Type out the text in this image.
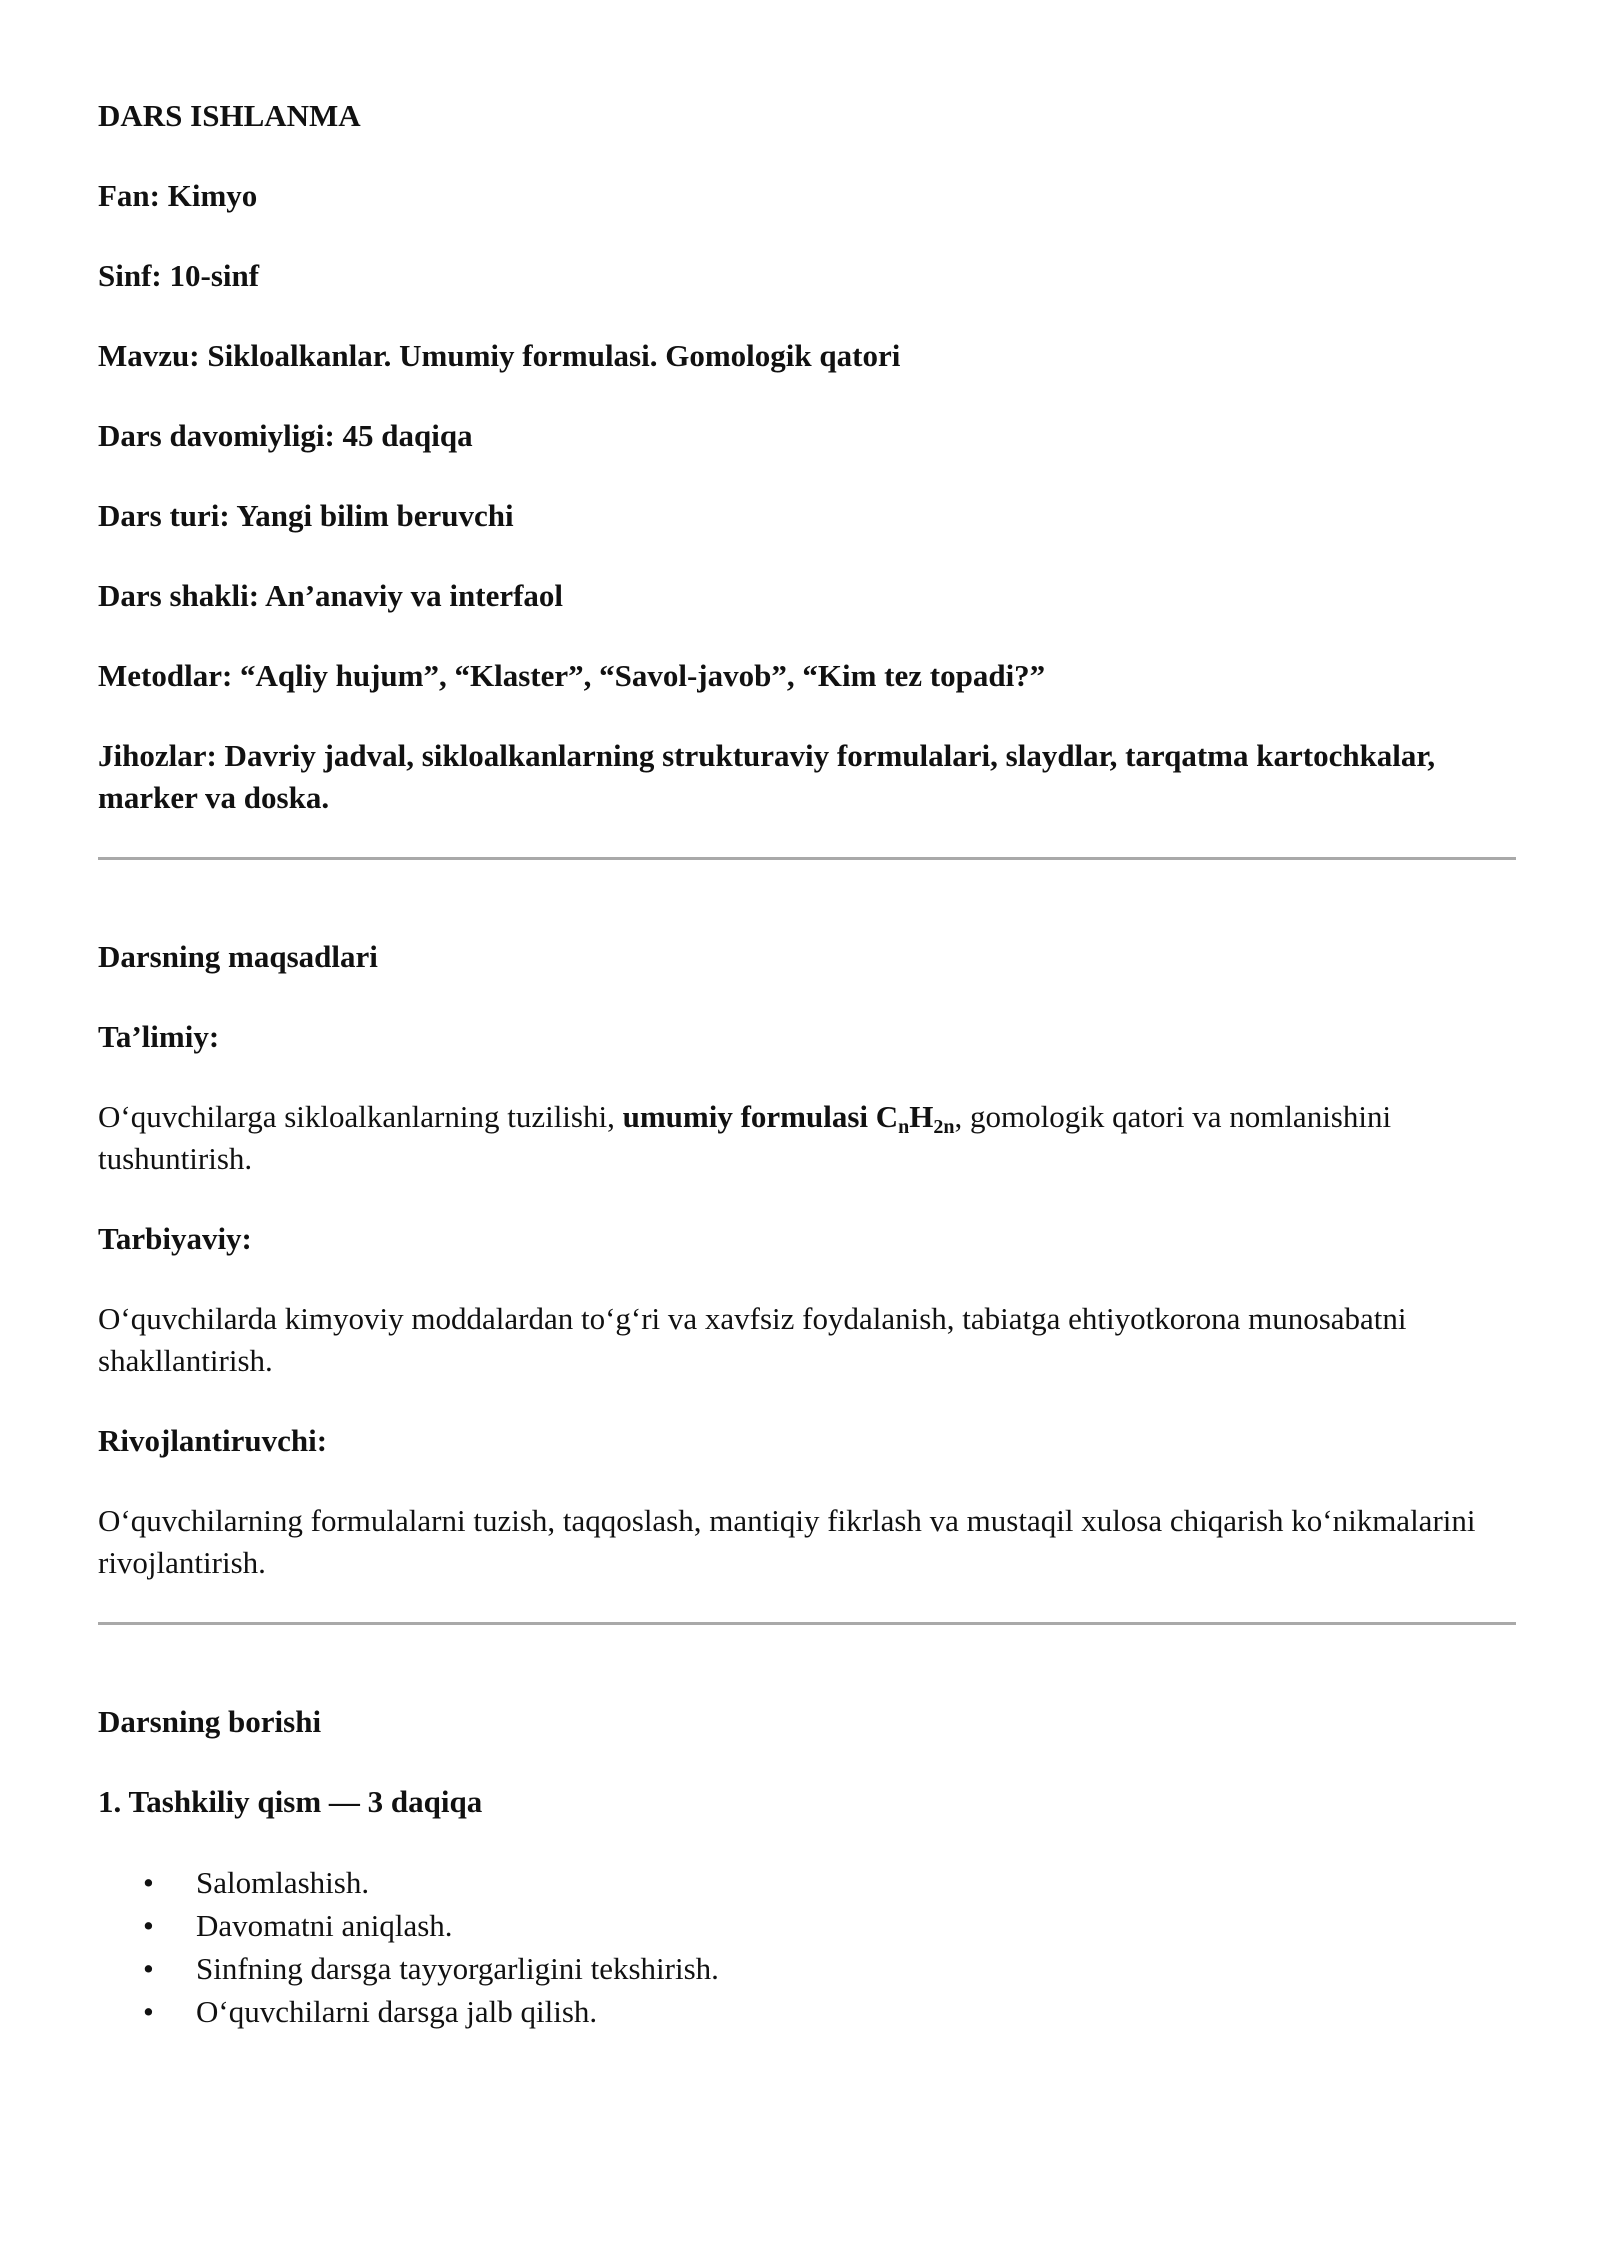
DARS ISHLANMA

Fan: Kimyo

Sinf: 10-sinf

Mavzu: Sikloalkanlar. Umumiy formulasi. Gomologik qatori

Dars davomiyligi: 45 daqiqa

Dars turi: Yangi bilim beruvchi

Dars shakli: An’anaviy va interfaol

Metodlar: “Aqliy hujum”, “Klaster”, “Savol-javob”, “Kim tez topadi?”

Jihozlar: Davriy jadval, sikloalkanlarning strukturaviy formulalari, slaydlar, tarqatma kartochkalar, marker va doska.

Darsning maqsadlari

Ta’limiy:

O‘quvchilarga sikloalkanlarning tuzilishi, umumiy formulasi $C_nH_{2n}$, gomologik qatori va nomlanishini tushuntirish.

Tarbiyaviy:

O‘quvchilarda kimyoviy moddalardan to‘g‘ri va xavfsiz foydalanish, tabiatga ehtiyotkorona munosabatni shakllantirish.

Rivojlantiruvchi:

O‘quvchilarning formulalarni tuzish, taqqoslash, mantiqiy fikrlash va mustaqil xulosa chiqarish ko‘nikmalarini rivojlantirish.

Darsning borishi

1. Tashkiliy qism — 3 daqiqa

• Salomlashish.
• Davomatni aniqlash.
• Sinfning darsga tayyorgarligini tekshirish.
• O‘quvchilarni darsga jalb qilish.
